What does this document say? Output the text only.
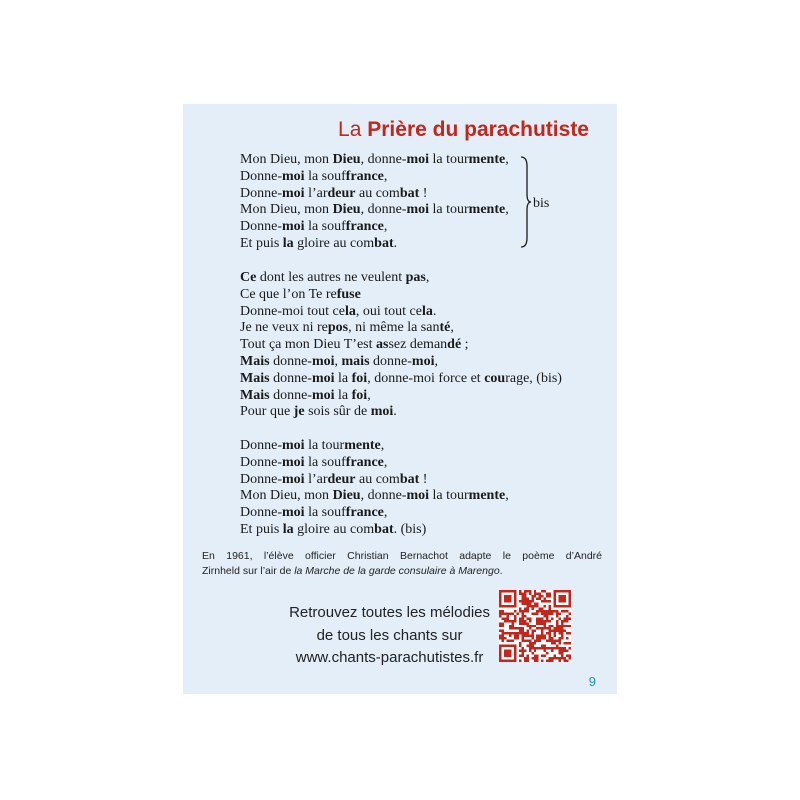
La Prière du parachutiste
Mon Dieu, mon Dieu, donne-moi la tourmente,
Donne-moi la souffrance,
Donne-moi l’ardeur au combat !
Mon Dieu, mon Dieu, donne-moi la tourmente,
Donne-moi la souffrance,
Et puis la gloire au combat.
bis
Ce dont les autres ne veulent pas,
Ce que l’on Te refuse
Donne-moi tout cela, oui tout cela.
Je ne veux ni repos, ni même la santé,
Tout ça mon Dieu T’est assez demandé ;
Mais donne-moi, mais donne-moi,
Mais donne-moi la foi, donne-moi force et courage, (bis)
Mais donne-moi la foi,
Pour que je sois sûr de moi.
Donne-moi la tourmente,
Donne-moi la souffrance,
Donne-moi l’ardeur au combat !
Mon Dieu, mon Dieu, donne-moi la tourmente,
Donne-moi la souffrance,
Et puis la gloire au combat. (bis)
En 1961, l’élève officier Christian Bernachot adapte le poème d’André
Zirnheld sur l’air de la Marche de la garde consulaire à Marengo.
Retrouvez toutes les mélodies
de tous les chants sur
www.chants-parachutistes.fr
9
